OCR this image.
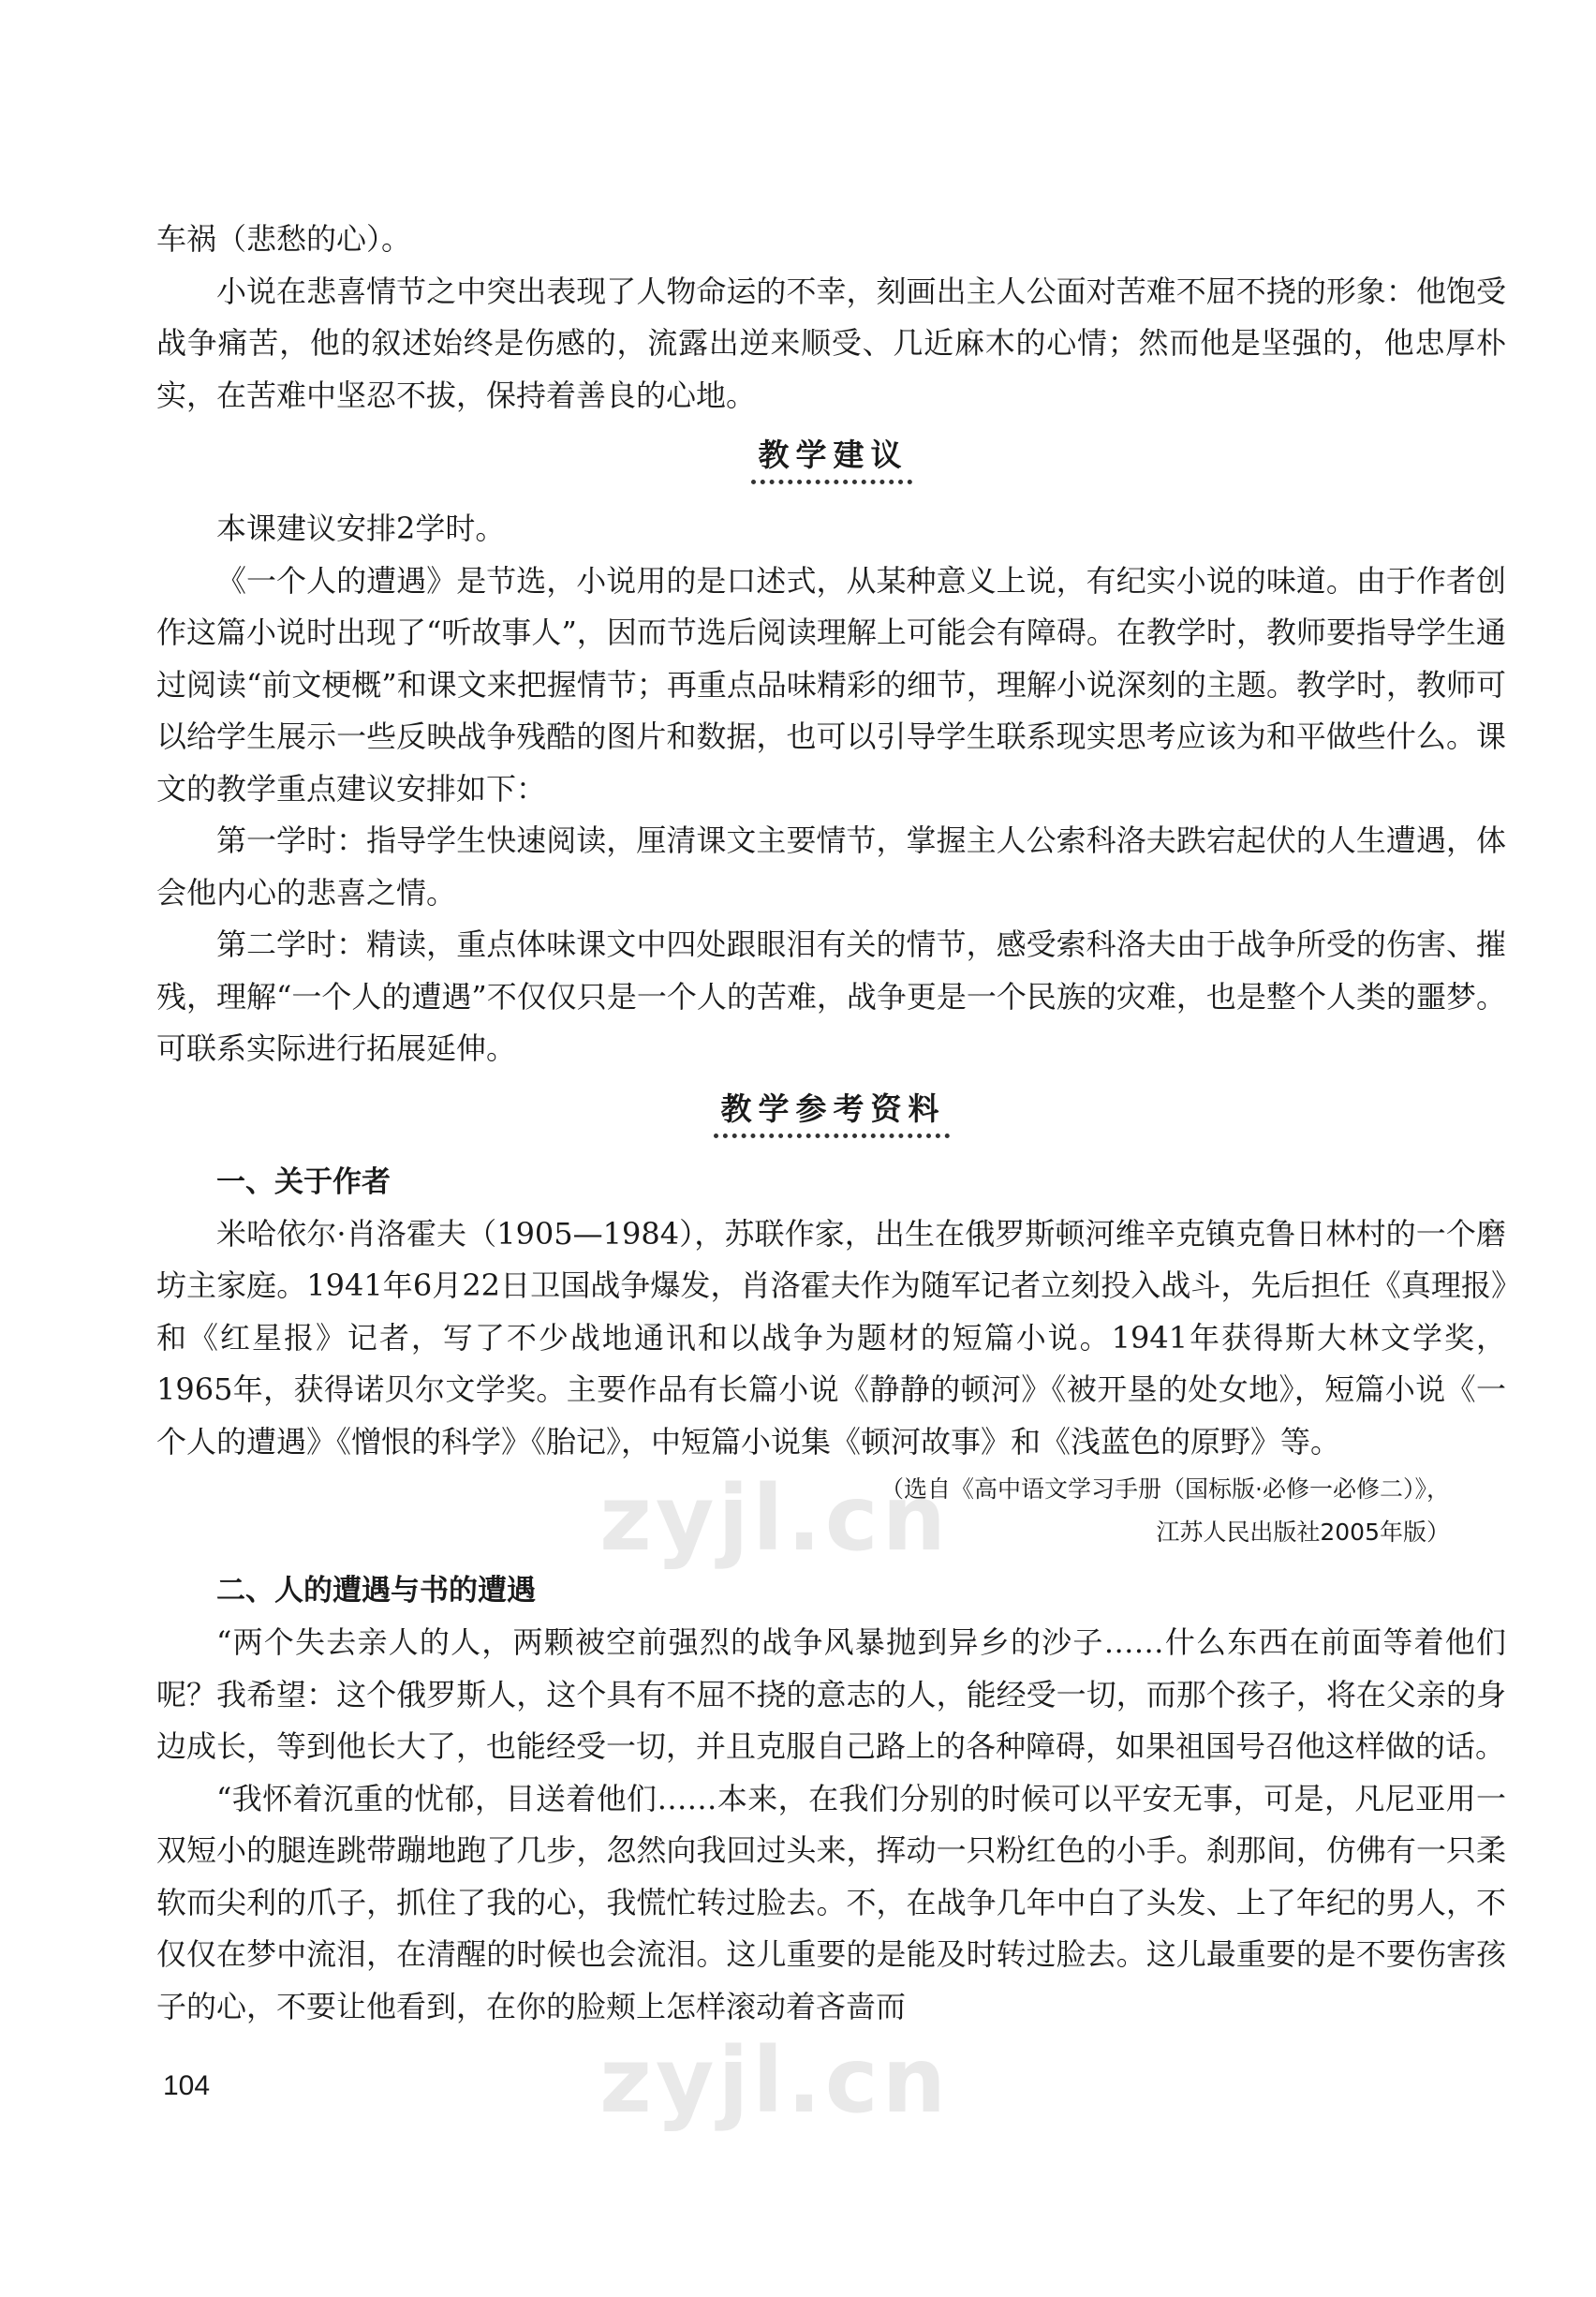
车祸（悲愁的心）。

小说在悲喜情节之中突出表现了人物命运的不幸，刻画出主人公面对苦难不屈不挠的形象：他饱受战争痛苦，他的叙述始终是伤感的，流露出逆来顺受、几近麻木的心情；然而他是坚强的，他忠厚朴实，在苦难中坚忍不拔，保持着善良的心地。

教学建议

本课建议安排2学时。

《一个人的遭遇》是节选，小说用的是口述式，从某种意义上说，有纪实小说的味道。由于作者创作这篇小说时出现了“听故事人”，因而节选后阅读理解上可能会有障碍。在教学时，教师要指导学生通过阅读“前文梗概”和课文来把握情节；再重点品味精彩的细节，理解小说深刻的主题。教学时，教师可以给学生展示一些反映战争残酷的图片和数据，也可以引导学生联系现实思考应该为和平做些什么。课文的教学重点建议安排如下：

第一学时：指导学生快速阅读，厘清课文主要情节，掌握主人公索科洛夫跌宕起伏的人生遭遇，体会他内心的悲喜之情。

第二学时：精读，重点体味课文中四处跟眼泪有关的情节，感受索科洛夫由于战争所受的伤害、摧残，理解“一个人的遭遇”不仅仅只是一个人的苦难，战争更是一个民族的灾难，也是整个人类的噩梦。可联系实际进行拓展延伸。

教学参考资料

一、关于作者

米哈依尔·肖洛霍夫（1905—1984），苏联作家，出生在俄罗斯顿河维辛克镇克鲁日林村的一个磨坊主家庭。1941年6月22日卫国战争爆发，肖洛霍夫作为随军记者立刻投入战斗，先后担任《真理报》和《红星报》记者，写了不少战地通讯和以战争为题材的短篇小说。1941年获得斯大林文学奖，1965年，获得诺贝尔文学奖。主要作品有长篇小说《静静的顿河》《被开垦的处女地》，短篇小说《一个人的遭遇》《憎恨的科学》《胎记》，中短篇小说集《顿河故事》和《浅蓝色的原野》等。

（选自《高中语文学习手册（国标版·必修一必修二）》，
江苏人民出版社2005年版）

二、人的遭遇与书的遭遇

“两个失去亲人的人，两颗被空前强烈的战争风暴抛到异乡的沙子……什么东西在前面等着他们呢？我希望：这个俄罗斯人，这个具有不屈不挠的意志的人，能经受一切，而那个孩子，将在父亲的身边成长，等到他长大了，也能经受一切，并且克服自己路上的各种障碍，如果祖国号召他这样做的话。

“我怀着沉重的忧郁，目送着他们……本来，在我们分别的时候可以平安无事，可是，凡尼亚用一双短小的腿连跳带蹦地跑了几步，忽然向我回过头来，挥动一只粉红色的小手。刹那间，仿佛有一只柔软而尖利的爪子，抓住了我的心，我慌忙转过脸去。不，在战争几年中白了头发、上了年纪的男人，不仅仅在梦中流泪，在清醒的时候也会流泪。这儿重要的是能及时转过脸去。这儿最重要的是不要伤害孩子的心，不要让他看到，在你的脸颊上怎样滚动着吝啬而

zyjl.cn
zyjl.cn
104
